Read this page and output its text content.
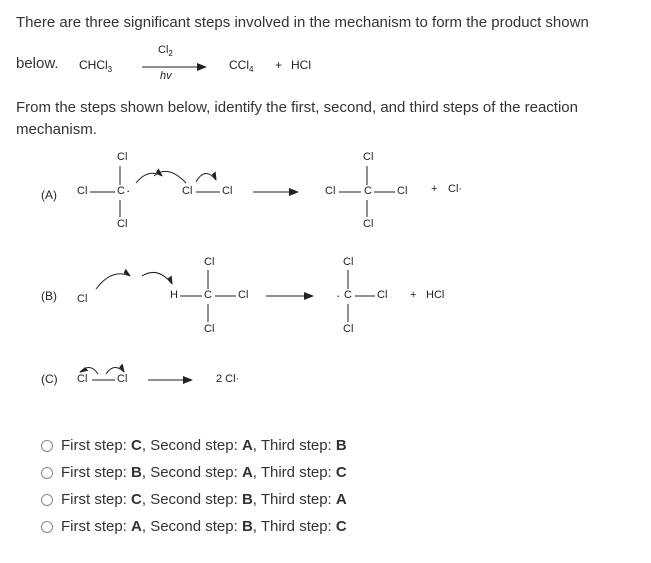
There are three significant steps involved in the mechanism to form the product shown
below.
From the steps shown below, identify the first, second, and third steps of the reaction mechanism.
CHCl$_3$
$Cl_2$
hv
CCl$_4$ + HCl
(A) Cl	C ·
Cl
Cl
Cl	Cl	Cl	C Cl
Cl
Cl
+ Cl·
(B) Cl	H C Cl
Cl
Cl
· C Cl
Cl
Cl
+ HCl
(C) Cl	Cl	2 Cl·
First step: C, Second step: A, Third step: B
First step: B, Second step: A, Third step: C
First step: C, Second step: B, Third step: A
First step: A, Second step: B, Third step: C
